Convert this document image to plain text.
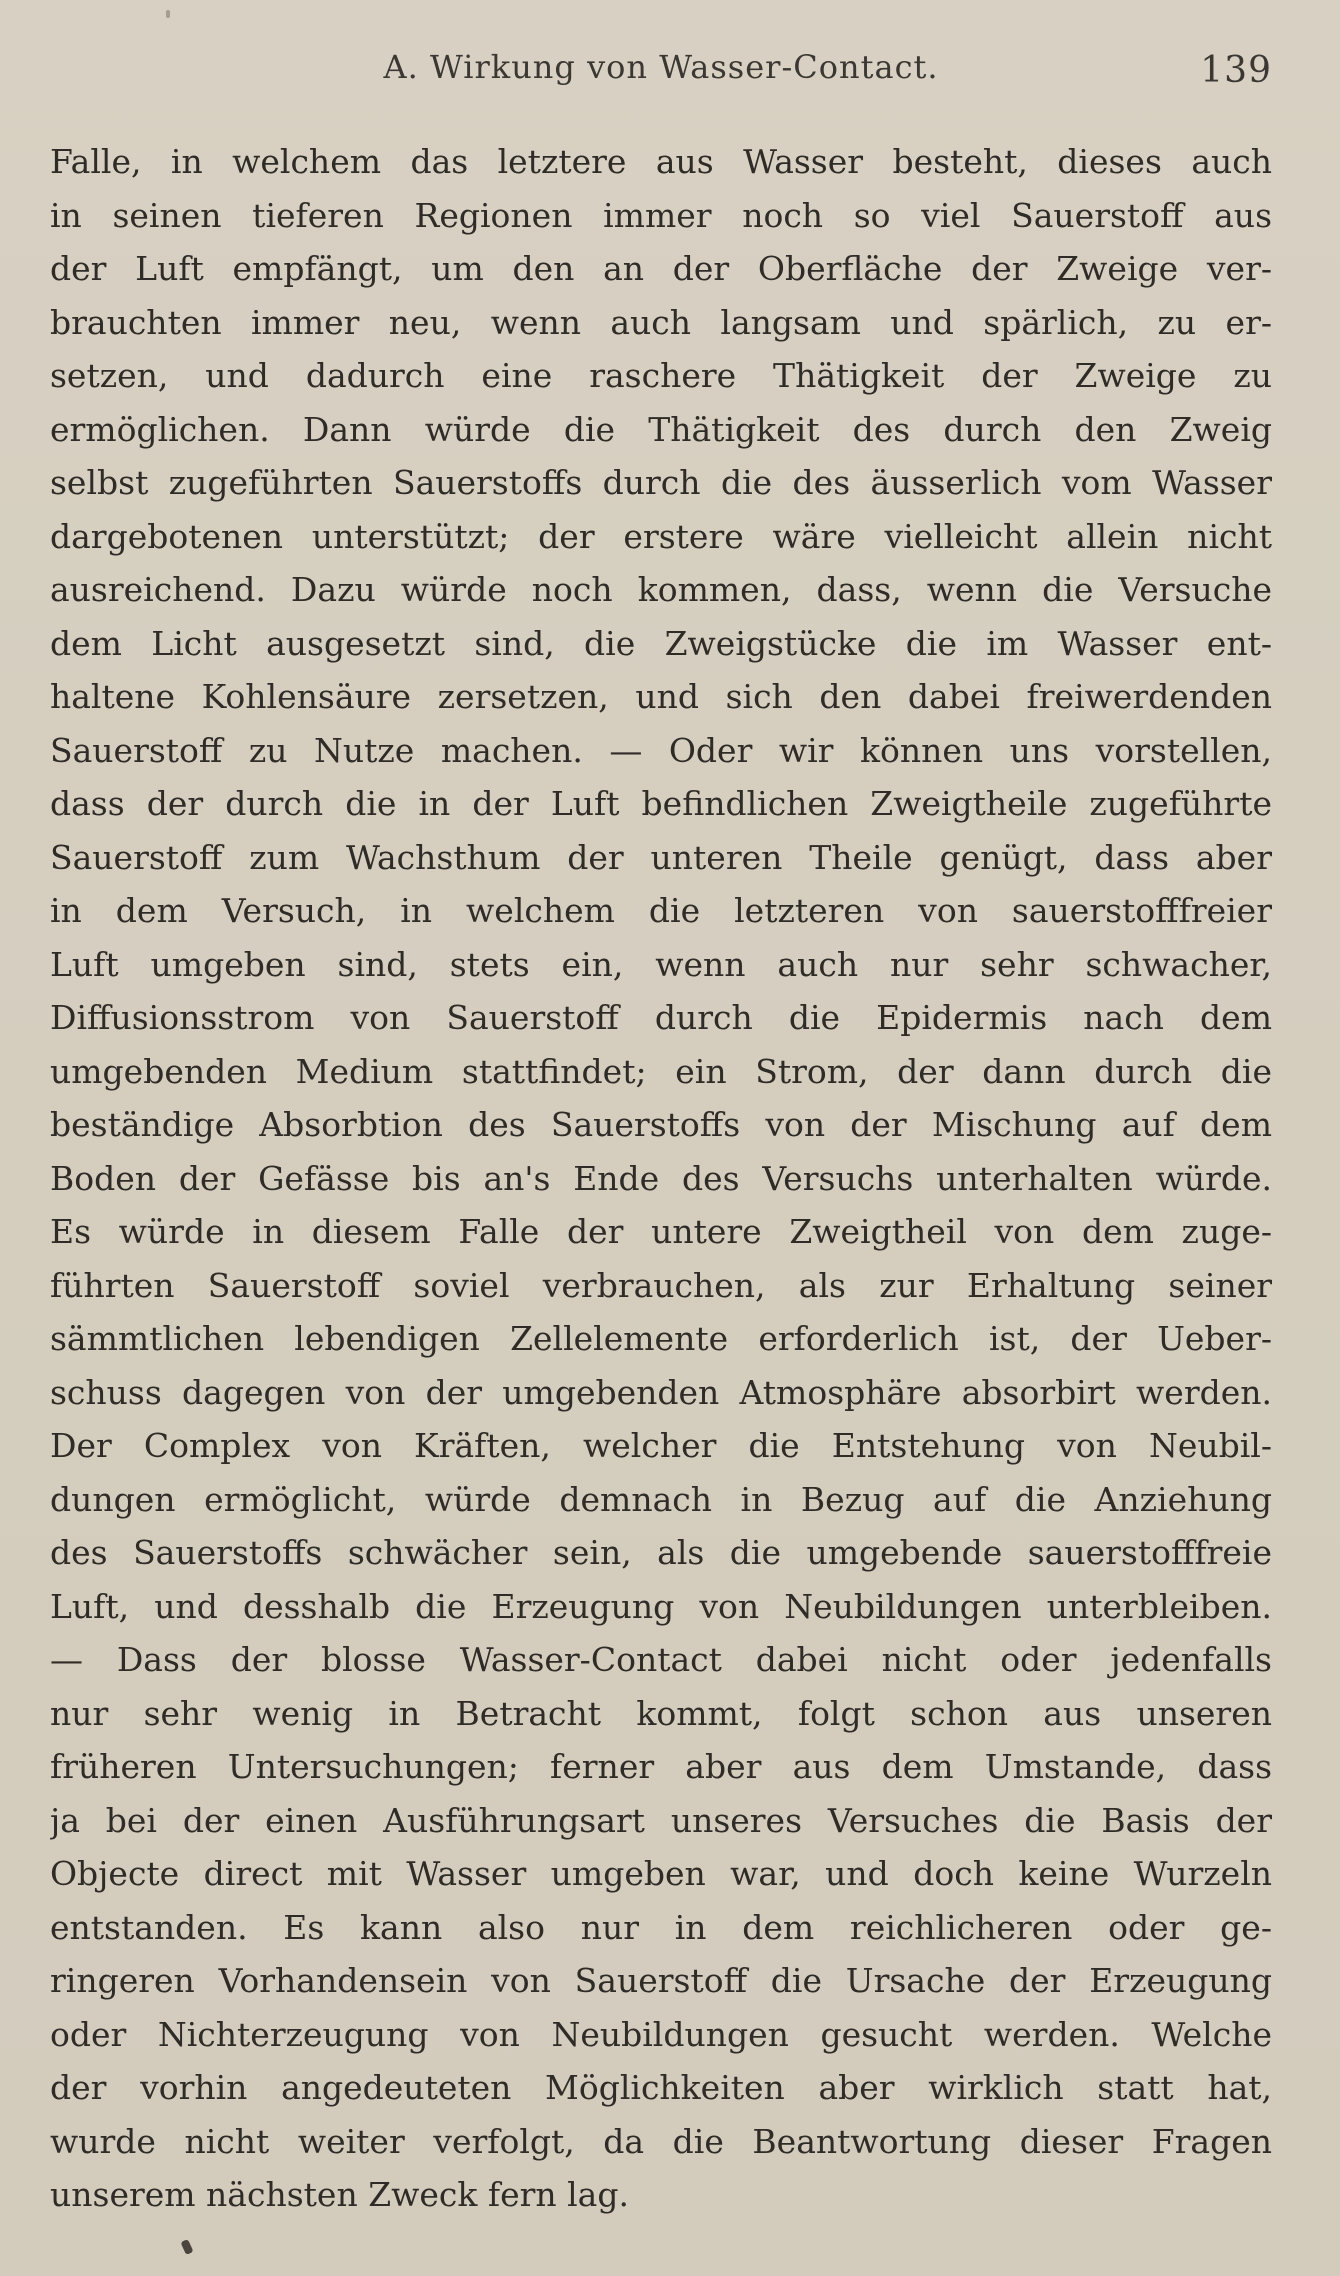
A. Wirkung von Wasser-Contact.	139
Falle, in welchem das letztere aus Wasser besteht, dieses auch
in seinen tieferen Regionen immer noch so viel Sauerstoff aus
der Luft empfängt, um den an der Oberfläche der Zweige ver-
brauchten immer neu, wenn auch langsam und spärlich, zu er-
setzen, und dadurch eine raschere Thätigkeit der Zweige zu
ermöglichen. Dann würde die Thätigkeit des durch den Zweig
selbst zugeführten Sauerstoffs durch die des äusserlich vom Wasser
dargebotenen unterstützt; der erstere wäre vielleicht allein nicht
ausreichend. Dazu würde noch kommen, dass, wenn die Versuche
dem Licht ausgesetzt sind, die Zweigstücke die im Wasser ent-
haltene Kohlensäure zersetzen, und sich den dabei freiwerdenden
Sauerstoff zu Nutze machen. — Oder wir können uns vorstellen,
dass der durch die in der Luft befindlichen Zweigtheile zugeführte
Sauerstoff zum Wachsthum der unteren Theile genügt, dass aber
in dem Versuch, in welchem die letzteren von sauerstofffreier
Luft umgeben sind, stets ein, wenn auch nur sehr schwacher,
Diffusionsstrom von Sauerstoff durch die Epidermis nach dem
umgebenden Medium stattfindet; ein Strom, der dann durch die
beständige Absorbtion des Sauerstoffs von der Mischung auf dem
Boden der Gefässe bis an's Ende des Versuchs unterhalten würde.
Es würde in diesem Falle der untere Zweigtheil von dem zuge-
führten Sauerstoff soviel verbrauchen, als zur Erhaltung seiner
sämmtlichen lebendigen Zellelemente erforderlich ist, der Ueber-
schuss dagegen von der umgebenden Atmosphäre absorbirt werden.
Der Complex von Kräften, welcher die Entstehung von Neubil-
dungen ermöglicht, würde demnach in Bezug auf die Anziehung
des Sauerstoffs schwächer sein, als die umgebende sauerstofffreie
Luft, und desshalb die Erzeugung von Neubildungen unterbleiben.
— Dass der blosse Wasser-Contact dabei nicht oder jedenfalls
nur sehr wenig in Betracht kommt, folgt schon aus unseren
früheren Untersuchungen; ferner aber aus dem Umstande, dass
ja bei der einen Ausführungsart unseres Versuches die Basis der
Objecte direct mit Wasser umgeben war, und doch keine Wurzeln
entstanden. Es kann also nur in dem reichlicheren oder ge-
ringeren Vorhandensein von Sauerstoff die Ursache der Erzeugung
oder Nichterzeugung von Neubildungen gesucht werden. Welche
der vorhin angedeuteten Möglichkeiten aber wirklich statt hat,
wurde nicht weiter verfolgt, da die Beantwortung dieser Fragen
unserem nächsten Zweck fern lag.
